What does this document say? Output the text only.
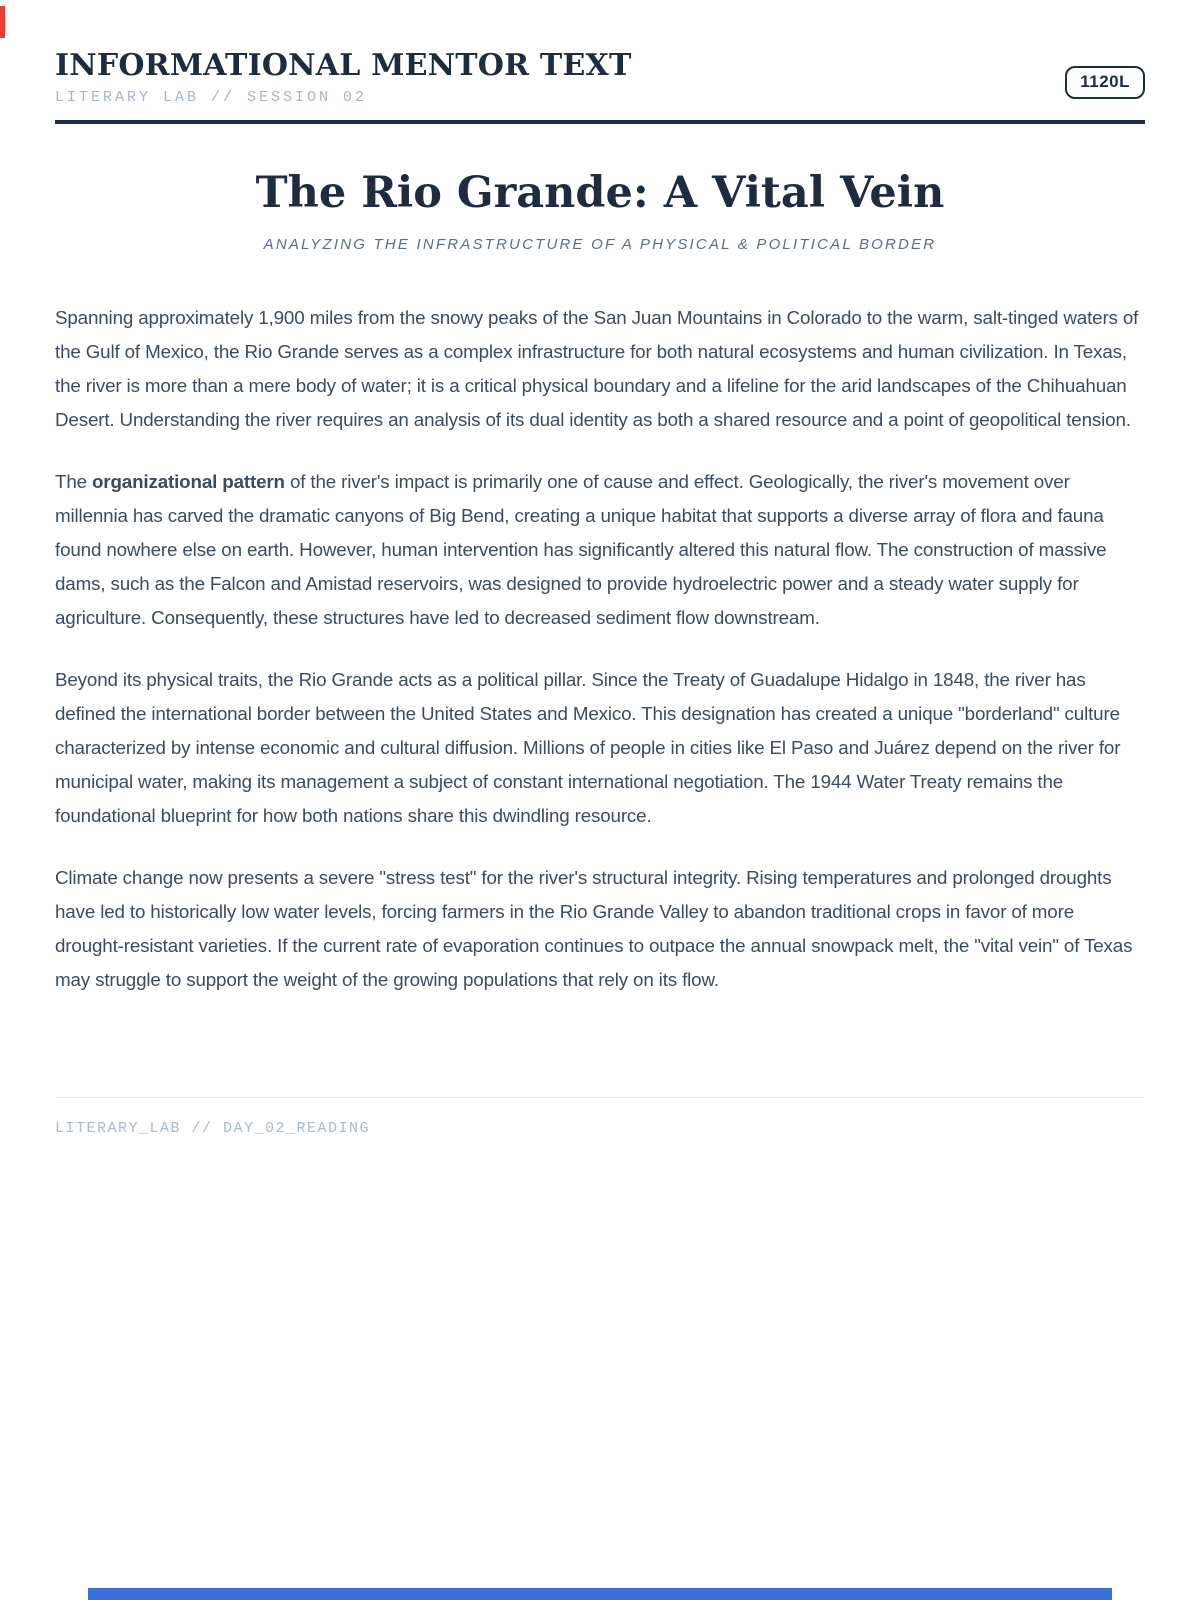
INFORMATIONAL MENTOR TEXT
LITERARY LAB // SESSION 02
1120L
The Rio Grande: A Vital Vein
ANALYZING THE INFRASTRUCTURE OF A PHYSICAL & POLITICAL BORDER

Spanning approximately 1,900 miles from the snowy peaks of the San Juan Mountains in Colorado to the warm, salt-tinged waters of the Gulf of Mexico, the Rio Grande serves as a complex infrastructure for both natural ecosystems and human civilization. In Texas, the river is more than a mere body of water; it is a critical physical boundary and a lifeline for the arid landscapes of the Chihuahuan Desert. Understanding the river requires an analysis of its dual identity as both a shared resource and a point of geopolitical tension.

The organizational pattern of the river's impact is primarily one of cause and effect. Geologically, the river's movement over millennia has carved the dramatic canyons of Big Bend, creating a unique habitat that supports a diverse array of flora and fauna found nowhere else on earth. However, human intervention has significantly altered this natural flow. The construction of massive dams, such as the Falcon and Amistad reservoirs, was designed to provide hydroelectric power and a steady water supply for agriculture. Consequently, these structures have led to decreased sediment flow downstream.

Beyond its physical traits, the Rio Grande acts as a political pillar. Since the Treaty of Guadalupe Hidalgo in 1848, the river has defined the international border between the United States and Mexico. This designation has created a unique "borderland" culture characterized by intense economic and cultural diffusion. Millions of people in cities like El Paso and Juárez depend on the river for municipal water, making its management a subject of constant international negotiation. The 1944 Water Treaty remains the foundational blueprint for how both nations share this dwindling resource.

Climate change now presents a severe "stress test" for the river's structural integrity. Rising temperatures and prolonged droughts have led to historically low water levels, forcing farmers in the Rio Grande Valley to abandon traditional crops in favor of more drought-resistant varieties. If the current rate of evaporation continues to outpace the annual snowpack melt, the "vital vein" of Texas may struggle to support the weight of the growing populations that rely on its flow.

LITERARY_LAB // DAY_02_READING
